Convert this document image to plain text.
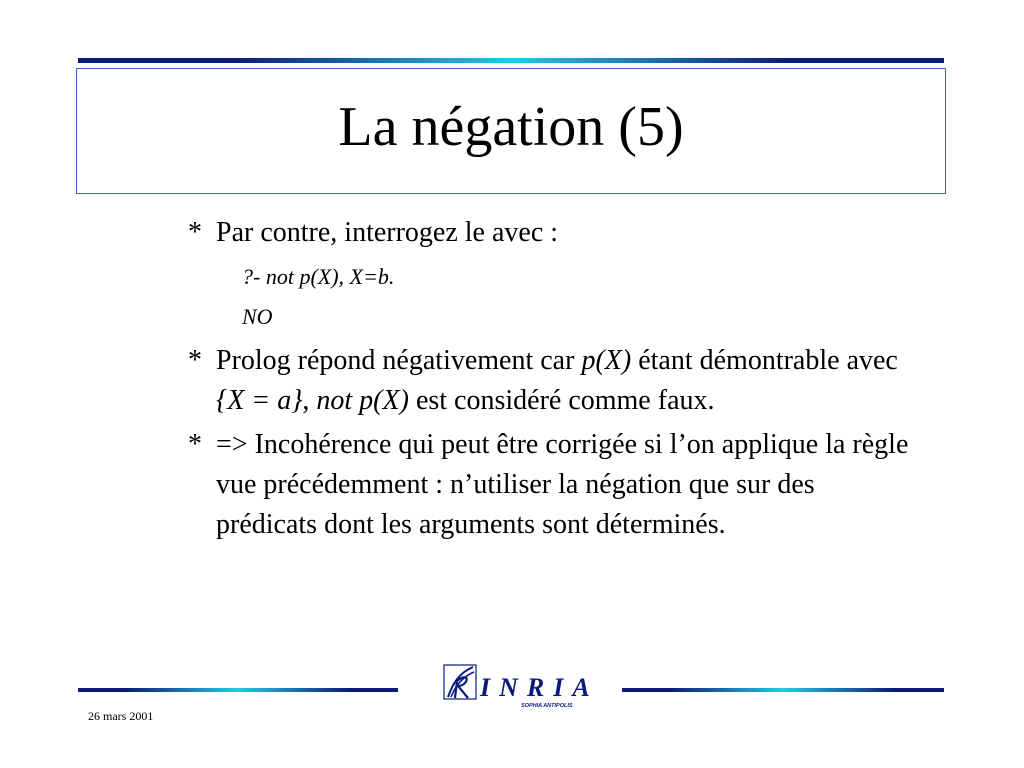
La négation (5)
* Par contre, interrogez le avec :
?- not p(X), X=b.
NO
* Prolog répond négativement car p(X) étant démontrable avec {X = a}, not p(X) est considéré comme faux.
* => Incohérence qui peut être corrigée si l’on applique la règle vue précédemment : n’utiliser la négation que sur des prédicats dont les arguments sont déterminés.
INRIA
SOPHIA ANTIPOLIS
26 mars 2001
